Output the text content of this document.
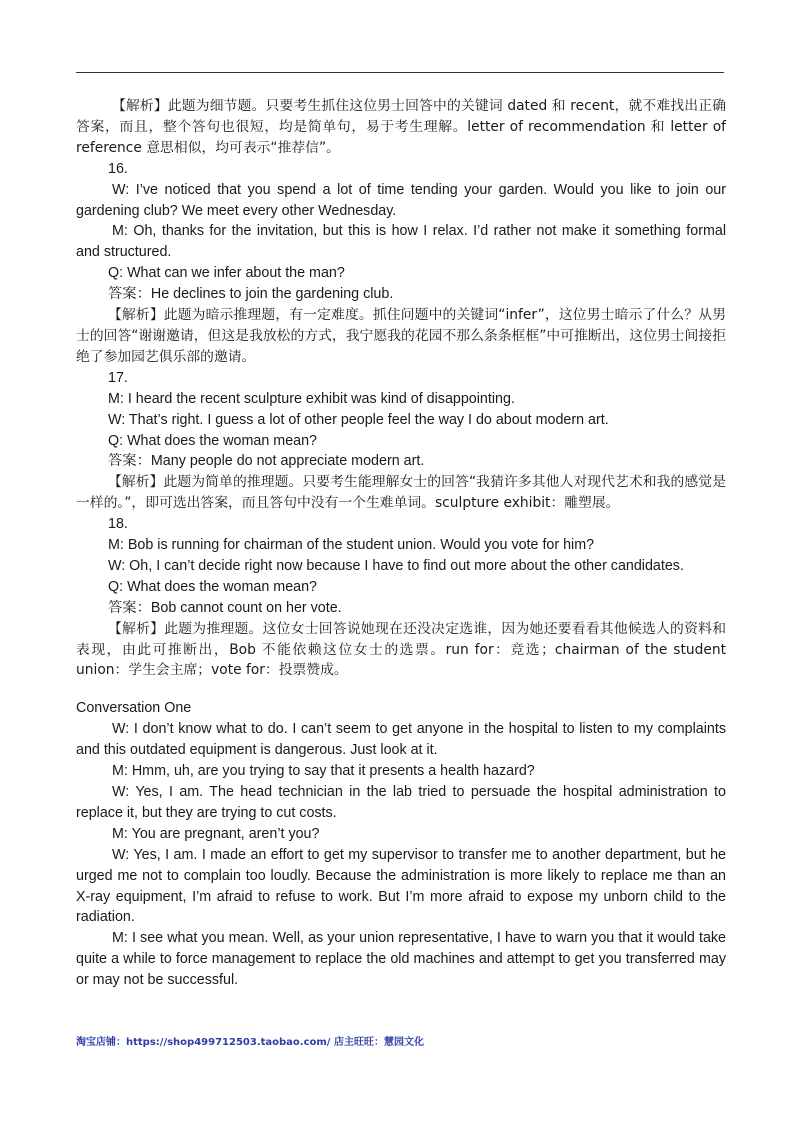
【解析】此题为细节题。只要考生抓住这位男士回答中的关键词 dated 和 recent，就不难找出正确答案，而且，整个答句也很短，均是简单句，易于考生理解。letter of recommendation 和 letter of reference 意思相似，均可表示“推荐信”。

16.

W: I’ve noticed that you spend a lot of time tending your garden. Would you like to join our gardening club? We meet every other Wednesday.

M: Oh, thanks for the invitation, but this is how I relax. I’d rather not make it something formal and structured.

Q: What can we infer about the man?

答案：He declines to join the gardening club.

【解析】此题为暗示推理题，有一定难度。抓住问题中的关键词“infer”，这位男士暗示了什么？从男士的回答“谢谢邀请，但这是我放松的方式，我宁愿我的花园不那么条条框框”中可推断出，这位男士间接拒绝了参加园艺俱乐部的邀请。

17.

M: I heard the recent sculpture exhibit was kind of disappointing.

W: That’s right. I guess a lot of other people feel the way I do about modern art.

Q: What does the woman mean?

答案：Many people do not appreciate modern art.

【解析】此题为简单的推理题。只要考生能理解女士的回答“我猜许多其他人对现代艺术和我的感觉是一样的。”，即可选出答案，而且答句中没有一个生难单词。sculpture exhibit：雕塑展。

18.

M: Bob is running for chairman of the student union. Would you vote for him?

W: Oh, I can’t decide right now because I have to find out more about the other candidates.

Q: What does the woman mean?

答案：Bob cannot count on her vote.

【解析】此题为推理题。这位女士回答说她现在还没决定选谁，因为她还要看看其他候选人的资料和表现，由此可推断出，Bob 不能依赖这位女士的选票。run for：竞选；chairman of the student union：学生会主席；vote for：投票赞成。

Conversation One

W: I don’t know what to do. I can’t seem to get anyone in the hospital to listen to my complaints and this outdated equipment is dangerous. Just look at it.

M: Hmm, uh, are you trying to say that it presents a health hazard?

W: Yes, I am. The head technician in the lab tried to persuade the hospital administration to replace it, but they are trying to cut costs.

M: You are pregnant, aren’t you?

W: Yes, I am. I made an effort to get my supervisor to transfer me to another department, but he urged me not to complain too loudly. Because the administration is more likely to replace me than an X-ray equipment, I’m afraid to refuse to work. But I’m more afraid to expose my unborn child to the radiation.

M: I see what you mean. Well, as your union representative, I have to warn you that it would take quite a while to force management to replace the old machines and attempt to get you transferred may or may not be successful.

淘宝店铺：https://shop499712503.taobao.com/ 店主旺旺：慧园文化
